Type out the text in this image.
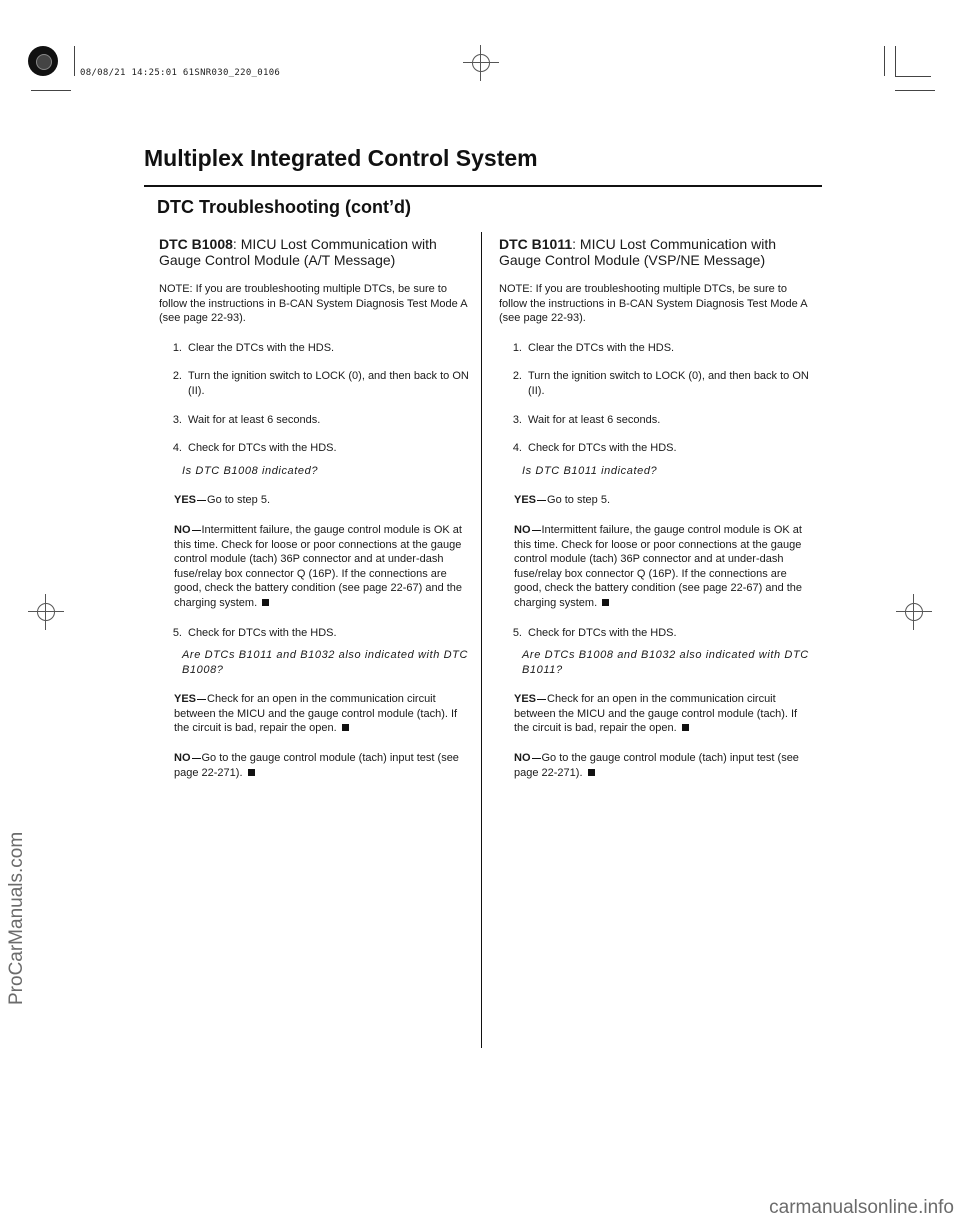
08/08/21 14:25:01 61SNR030_220_0106
ProCarManuals.com
carmanualsonline.info
Multiplex Integrated Control System
DTC Troubleshooting (cont’d)
DTC B1008: MICU Lost Communication with Gauge Control Module (A/T Message)
NOTE: If you are troubleshooting multiple DTCs, be sure to follow the instructions in B-CAN System Diagnosis Test Mode A (see page 22-93).
1. Clear the DTCs with the HDS.
2. Turn the ignition switch to LOCK (0), and then back to ON (II).
3. Wait for at least 6 seconds.
4. Check for DTCs with the HDS.
Is DTC B1008 indicated?
YES Go to step 5.
NO Intermittent failure, the gauge control module is OK at this time. Check for loose or poor connections at the gauge control module (tach) 36P connector and at under-dash fuse/relay box connector Q (16P). If the connections are good, check the battery condition (see page 22-67) and the charging system.
5. Check for DTCs with the HDS.
Are DTCs B1011 and B1032 also indicated with DTC B1008?
YES Check for an open in the communication circuit between the MICU and the gauge control module (tach). If the circuit is bad, repair the open.
NO Go to the gauge control module (tach) input test (see page 22-271).
DTC B1011: MICU Lost Communication with Gauge Control Module (VSP/NE Message)
NOTE: If you are troubleshooting multiple DTCs, be sure to follow the instructions in B-CAN System Diagnosis Test Mode A (see page 22-93).
1. Clear the DTCs with the HDS.
2. Turn the ignition switch to LOCK (0), and then back to ON (II).
3. Wait for at least 6 seconds.
4. Check for DTCs with the HDS.
Is DTC B1011 indicated?
YES Go to step 5.
NO Intermittent failure, the gauge control module is OK at this time. Check for loose or poor connections at the gauge control module (tach) 36P connector and at under-dash fuse/relay box connector Q (16P). If the connections are good, check the battery condition (see page 22-67) and the charging system.
5. Check for DTCs with the HDS.
Are DTCs B1008 and B1032 also indicated with DTC B1011?
YES Check for an open in the communication circuit between the MICU and the gauge control module (tach). If the circuit is bad, repair the open.
NO Go to the gauge control module (tach) input test (see page 22-271).
